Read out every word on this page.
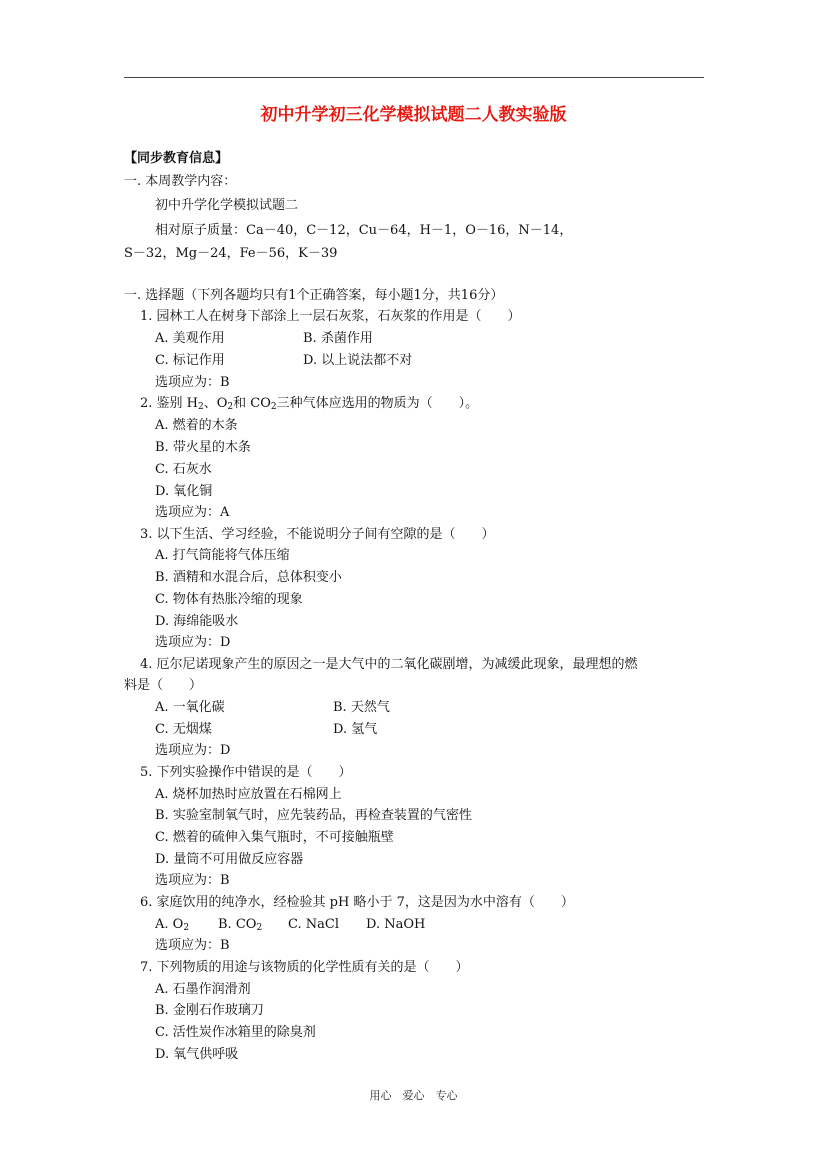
初中升学初三化学模拟试题二人教实验版
【同步教育信息】
一. 本周教学内容：
初中升学化学模拟试题二
相对原子质量：Ca－40，C－12，Cu－64，H－1，O－16，N－14，
S－32，Mg－24，Fe－56，K－39
一. 选择题（下列各题均只有1个正确答案，每小题1分，共16分）
1. 园林工人在树身下部涂上一层石灰浆，石灰浆的作用是（　　）
A. 美观作用	B. 杀菌作用
C. 标记作用	D. 以上说法都不对
选项应为：B
2. 鉴别 $H_2$、$O_2$和 $CO_2$三种气体应选用的物质为（　　）。
A. 燃着的木条
B. 带火星的木条
C. 石灰水
D. 氧化铜
选项应为：A
3. 以下生活、学习经验，不能说明分子间有空隙的是（　　）
A. 打气筒能将气体压缩
B. 酒精和水混合后，总体积变小
C. 物体有热胀冷缩的现象
D. 海绵能吸水
选项应为：D
4. 厄尔尼诺现象产生的原因之一是大气中的二氧化碳剧增，为减缓此现象，最理想的燃
料是（　　）
A. 一氧化碳	B. 天然气
C. 无烟煤	D. 氢气
选项应为：D
5. 下列实验操作中错误的是（　　）
A. 烧杯加热时应放置在石棉网上
B. 实验室制氧气时，应先装药品，再检查装置的气密性
C. 燃着的硫伸入集气瓶时，不可接触瓶壁
D. 量筒不可用做反应容器
选项应为：B
6. 家庭饮用的纯净水，经检验其 pH 略小于 7，这是因为水中溶有（　　）
A. $O_2$ B. $CO_2$ C. NaCl D. NaOH
选项应为：B
7. 下列物质的用途与该物质的化学性质有关的是（　　）
A. 石墨作润滑剂
B. 金刚石作玻璃刀
C. 活性炭作冰箱里的除臭剂
D. 氧气供呼吸
用心　爱心　专心
